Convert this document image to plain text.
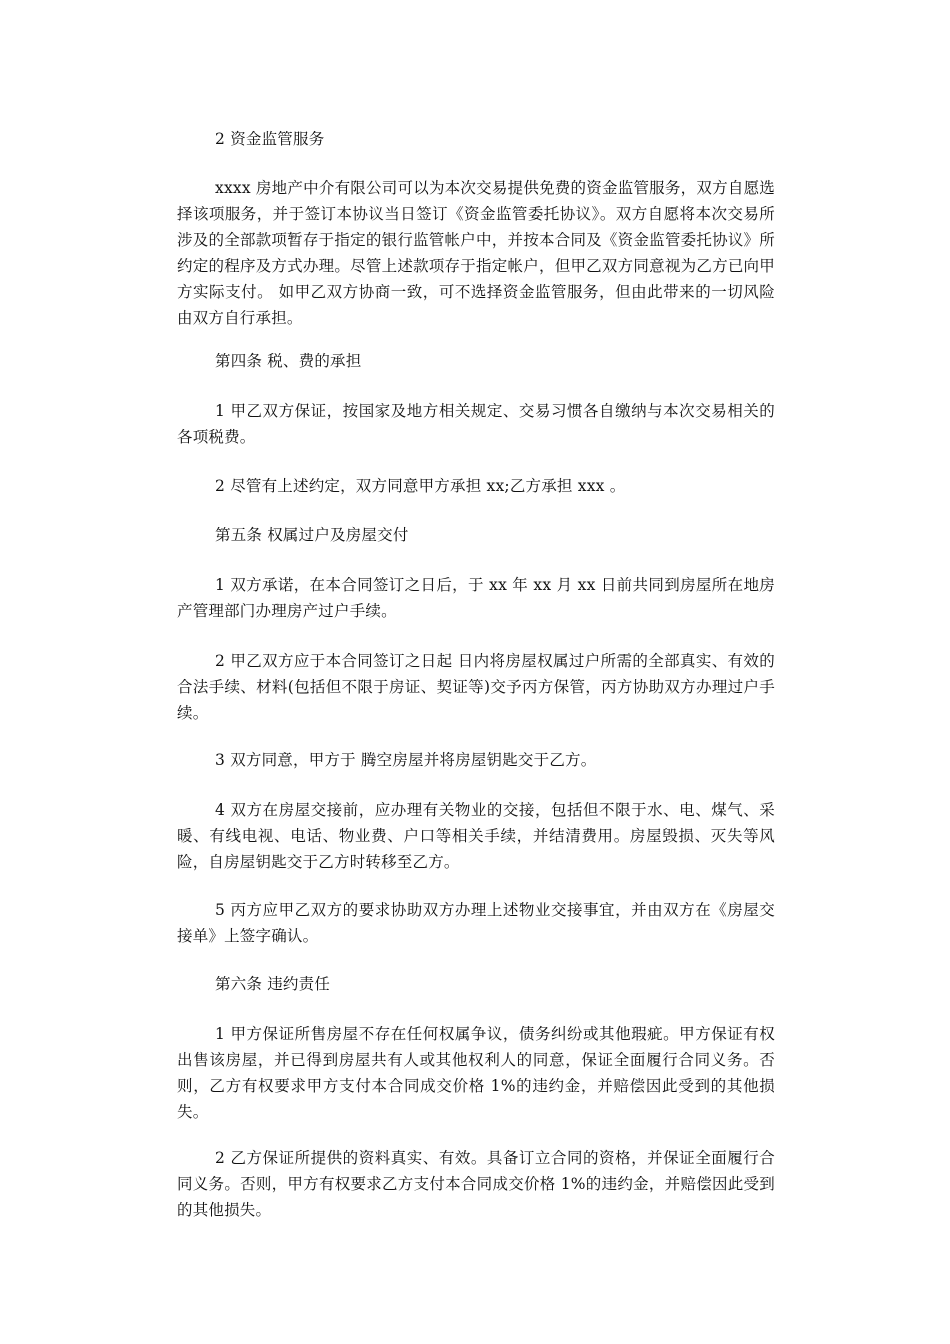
2 资金监管服务

xxxx 房地产中介有限公司可以为本次交易提供免费的资金监管服务，双方自愿选择该项服务，并于签订本协议当日签订《资金监管委托协议》。双方自愿将本次交易所涉及的全部款项暂存于指定的银行监管帐户中，并按本合同及《资金监管委托协议》所约定的程序及方式办理。尽管上述款项存于指定帐户，但甲乙双方同意视为乙方已向甲方实际支付。 如甲乙双方协商一致，可不选择资金监管服务，但由此带来的一切风险由双方自行承担。

第四条 税、费的承担

1 甲乙双方保证，按国家及地方相关规定、交易习惯各自缴纳与本次交易相关的各项税费。

2 尽管有上述约定，双方同意甲方承担 xx;乙方承担 xxx 。

第五条 权属过户及房屋交付

1 双方承诺，在本合同签订之日后，于 xx 年 xx 月 xx 日前共同到房屋所在地房产管理部门办理房产过户手续。

2 甲乙双方应于本合同签订之日起 日内将房屋权属过户所需的全部真实、有效的合法手续、材料(包括但不限于房证、契证等)交予丙方保管，丙方协助双方办理过户手续。

3 双方同意，甲方于 腾空房屋并将房屋钥匙交于乙方。

4 双方在房屋交接前，应办理有关物业的交接，包括但不限于水、电、煤气、采暖、有线电视、电话、物业费、户口等相关手续，并结清费用。房屋毁损、灭失等风险，自房屋钥匙交于乙方时转移至乙方。

5 丙方应甲乙双方的要求协助双方办理上述物业交接事宜，并由双方在《房屋交接单》上签字确认。

第六条 违约责任

1 甲方保证所售房屋不存在任何权属争议，债务纠纷或其他瑕疵。甲方保证有权出售该房屋，并已得到房屋共有人或其他权利人的同意，保证全面履行合同义务。否则，乙方有权要求甲方支付本合同成交价格 1%的违约金，并赔偿因此受到的其他损失。

2 乙方保证所提供的资料真实、有效。具备订立合同的资格，并保证全面履行合同义务。否则，甲方有权要求乙方支付本合同成交价格 1%的违约金，并赔偿因此受到的其他损失。
